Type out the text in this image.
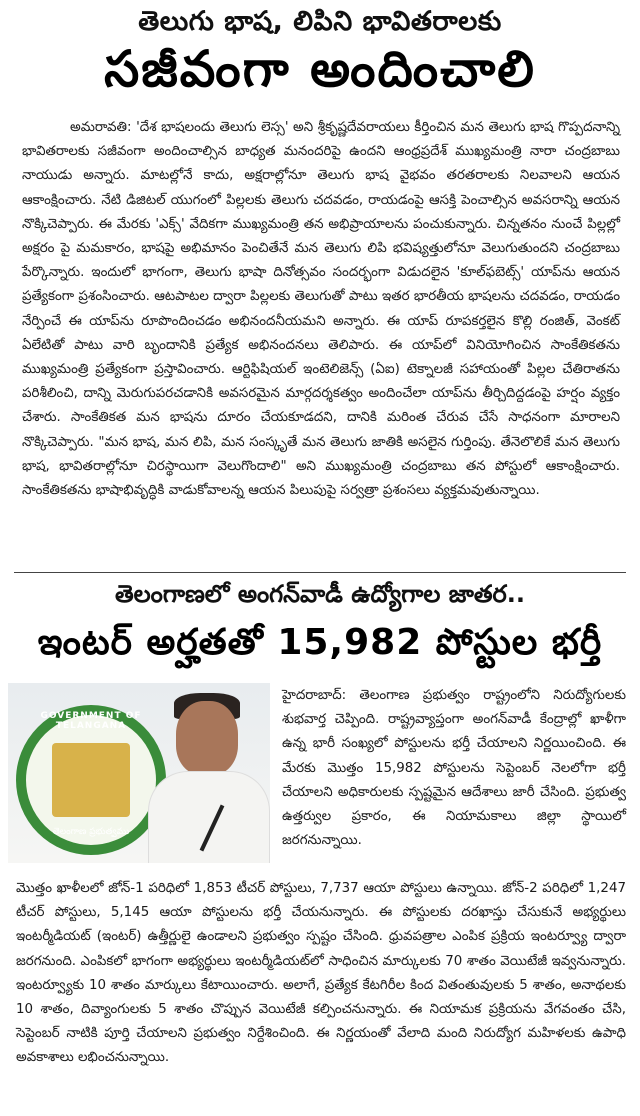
తెలుగు భాష, లిపిని భావితరాలకు
సజీవంగా అందించాలి
అమరావతి: 'దేశ భాషలందు తెలుగు లెస్స' అని శ్రీకృష్ణదేవరాయలు కీర్తించిన మన తెలుగు భాష గొప్పదనాన్ని భావితరాలకు సజీవంగా అందించాల్సిన బాధ్యత మనందరిపై ఉందని ఆంధ్రప్రదేశ్ ముఖ్యమంత్రి నారా చంద్రబాబు నాయుడు అన్నారు. మాటల్లోనే కాదు, అక్షరాల్లోనూ తెలుగు భాష వైభవం తరతరాలకు నిలవాలని ఆయన ఆకాంక్షించారు. నేటి డిజిటల్ యుగంలో పిల్లలకు తెలుగు చదవడం, రాయడంపై ఆసక్తి పెంచాల్సిన అవసరాన్ని ఆయన నొక్కిచెప్పారు. ఈ మేరకు 'ఎక్స్' వేదికగా ముఖ్యమంత్రి తన అభిప్రాయాలను పంచుకున్నారు. చిన్నతనం నుంచే పిల్లల్లో అక్షరం పై మమకారం, భాషపై అభిమానం పెంచితేనే మన తెలుగు లిపి భవిష్యత్తులోనూ వెలుగుతుందని చంద్రబాబు పేర్కొన్నారు. ఇందులో భాగంగా, తెలుగు భాషా దినోత్సవం సందర్భంగా విడుదలైన 'కూల్‌ఫబెట్స్' యాప్‌ను ఆయన ప్రత్యేకంగా ప్రశంసించారు. ఆటపాటల ద్వారా పిల్లలకు తెలుగుతో పాటు ఇతర భారతీయ భాషలను చదవడం, రాయడం నేర్పించే ఈ యాప్‌ను రూపొందించడం అభినందనీయమని అన్నారు. ఈ యాప్ రూపకర్తలైన కొల్లి రంజిత్, వెంకట్ ఏలేటితో పాటు వారి బృందానికి ప్రత్యేక అభినందనలు తెలిపారు. ఈ యాప్‌లో వినియోగించిన సాంకేతికతను ముఖ్యమంత్రి ప్రత్యేకంగా ప్రస్తావించారు. ఆర్టిఫిషియల్ ఇంటెలిజెన్స్ (ఏఐ) టెక్నాలజీ సహాయంతో పిల్లల చేతిరాతను పరిశీలించి, దాన్ని మెరుగుపరచడానికి అవసరమైన మార్గదర్శకత్వం అందించేలా యాప్‌ను తీర్చిదిద్దడంపై హర్షం వ్యక్తం చేశారు. సాంకేతికత మన భాషను దూరం చేయకూడదని, దానికి మరింత చేరువ చేసే సాధనంగా మారాలని నొక్కిచెప్పారు. "మన భాష, మన లిపి, మన సంస్కృతే మన తెలుగు జాతికి అసలైన గుర్తింపు. తేనెలొలికే మన తెలుగు భాష, భావితరాల్లోనూ చిరస్థాయిగా వెలుగొందాలి" అని ముఖ్యమంత్రి చంద్రబాబు తన పోస్టులో ఆకాంక్షించారు. సాంకేతికతను భాషాభివృద్ధికి వాడుకోవాలన్న ఆయన పిలుపుపై సర్వత్రా ప్రశంసలు వ్యక్తమవుతున్నాయి.
తెలంగాణలో అంగన్‌వాడీ ఉద్యోగాల జాతర..
ఇంటర్ అర్హతతో 15,982 పోస్టుల భర్తీ
GOVERNMENT OF TELANGANA
తెలంగాణ ప్రభుత్వము
హైదరాబాద్: తెలంగాణ ప్రభుత్వం రాష్ట్రంలోని నిరుద్యోగులకు శుభవార్త చెప్పింది. రాష్ట్రవ్యాప్తంగా అంగన్‌వాడీ కేంద్రాల్లో ఖాళీగా ఉన్న భారీ సంఖ్యలో పోస్టులను భర్తీ చేయాలని నిర్ణయించింది. ఈ మేరకు మొత్తం 15,982 పోస్టులను సెప్టెంబర్ నెలలోగా భర్తీ చేయాలని అధికారులకు స్పష్టమైన ఆదేశాలు జారీ చేసింది. ప్రభుత్వ ఉత్తర్వుల ప్రకారం, ఈ నియామకాలు జిల్లా స్థాయిలో జరగనున్నాయి.
మొత్తం ఖాళీలలో జోన్-1 పరిధిలో 1,853 టీచర్ పోస్టులు, 7,737 ఆయా పోస్టులు ఉన్నాయి. జోన్-2 పరిధిలో 1,247 టీచర్ పోస్టులు, 5,145 ఆయా పోస్టులను భర్తీ చేయనున్నారు. ఈ పోస్టులకు దరఖాస్తు చేసుకునే అభ్యర్థులు ఇంటర్మీడియట్ (ఇంటర్) ఉత్తీర్ణులై ఉండాలని ప్రభుత్వం స్పష్టం చేసింది. ధ్రువపత్రాల ఎంపిక ప్రక్రియ ఇంటర్వ్యూ ద్వారా జరగనుంది. ఎంపికలో భాగంగా అభ్యర్థులు ఇంటర్మీడియట్‌లో సాధించిన మార్కులకు 70 శాతం వెయిటేజీ ఇవ్వనున్నారు. ఇంటర్వ్యూకు 10 శాతం మార్కులు కేటాయించారు. అలాగే, ప్రత్యేక కేటగిరీల కింద వితంతువులకు 5 శాతం, అనాథలకు 10 శాతం, దివ్యాంగులకు 5 శాతం చొప్పున వెయిటేజీ కల్పించనున్నారు. ఈ నియామక ప్రక్రియను వేగవంతం చేసి, సెప్టెంబర్ నాటికి పూర్తి చేయాలని ప్రభుత్వం నిర్దేశించింది. ఈ నిర్ణయంతో వేలాది మంది నిరుద్యోగ మహిళలకు ఉపాధి అవకాశాలు లభించనున్నాయి.
